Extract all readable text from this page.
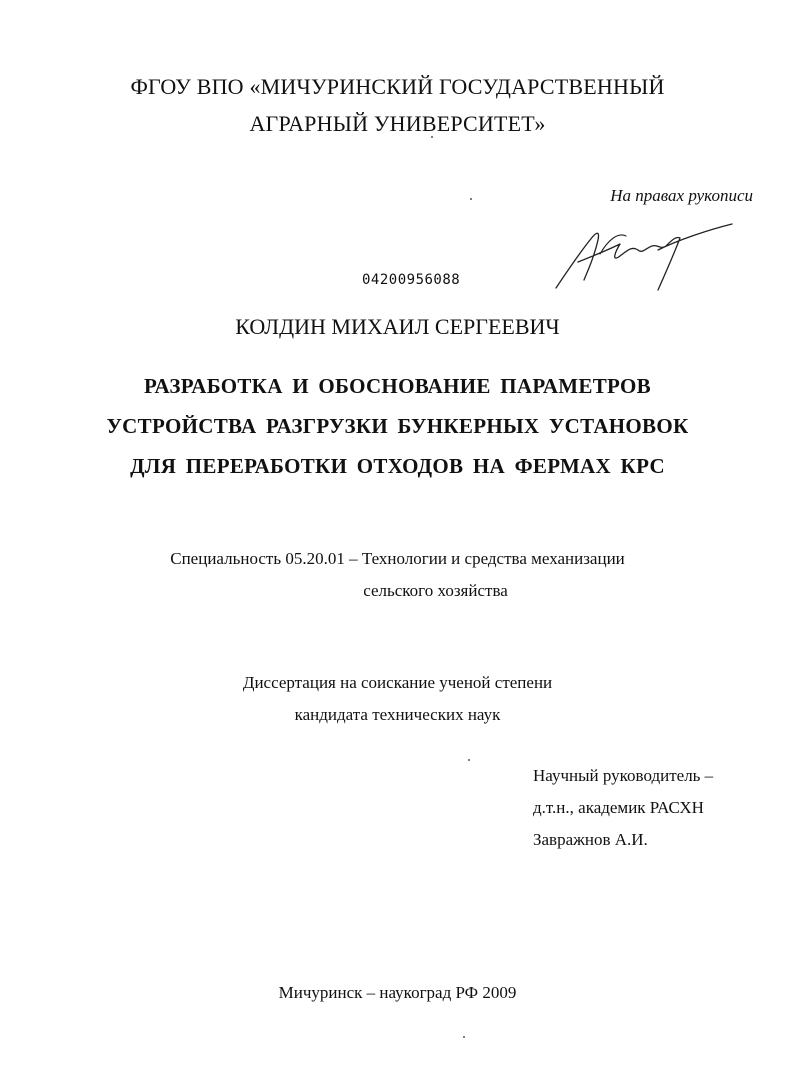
ФГОУ ВПО «МИЧУРИНСКИЙ ГОСУДАРСТВЕННЫЙ
АГРАРНЫЙ УНИВЕРСИТЕТ»
На правах рукописи
04200956088
КОЛДИН МИХАИЛ СЕРГЕЕВИЧ
РАЗРАБОТКА И ОБОСНОВАНИЕ ПАРАМЕТРОВ
УСТРОЙСТВА РАЗГРУЗКИ БУНКЕРНЫХ УСТАНОВОК
ДЛЯ ПЕРЕРАБОТКИ ОТХОДОВ НА ФЕРМАХ КРС
Специальность 05.20.01 – Технологии и средства механизации
сельского хозяйства
Диссертация на соискание ученой степени
кандидата технических наук
Научный руководитель –
д.т.н., академик РАСХН
Завражнов А.И.
Мичуринск – наукоград РФ 2009
